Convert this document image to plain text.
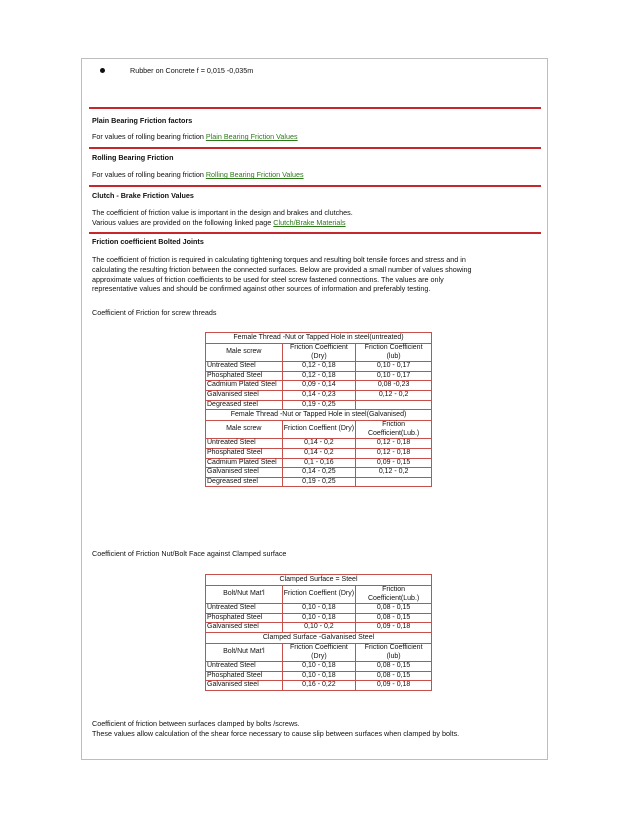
Rubber on Concrete f = 0,015 -0,035m
Plain Bearing Friction factors
For values of rolling bearing friction Plain Bearing Friction Values
Rolling Bearing Friction
For values of rolling bearing friction Rolling Bearing Friction Values
Clutch - Brake Friction Values
The coefficient of friction value is important in the design and brakes and clutches.
Various values are provided on the following linked page Clutch/Brake Materials
Friction coefficient Bolted Joints
The coefficient of friction is required in calculating tightening torques and resulting bolt tensile forces and stress and in
calculating the resulting friction between the connected surfaces. Below are provided a small number of values showing
approximate values of friction coefficients to be used for steel screw fastened connections. The values are only
representative values and should be confirmed against other sources of information and preferably testing.
Coefficient of Friction for screw threads
Female Thread -Nut or Tapped Hole in steel(untreated)		
Male screw	Friction Coefficient (Dry)	Friction Coefficient (lub)
Untreated Steel	0,12 - 0,18	0,10 - 0,17
Phosphated Steel	0,12 - 0,18	0,10 - 0,17
Cadmium Plated Steel	0,09 - 0,14	0,08 -0,23
Galvanised steel	0,14 - 0,23	0,12 - 0,2
Degreased steel	0,19 - 0,25	
Female Thread -Nut or Tapped Hole in steel(Galvanised)		
Male screw	Friction Coeffient (Dry)	Friction Coefficient(Lub.)
Untreated Steel	0,14 - 0,2	0,12 - 0,18
Phosphated Steel	0,14 - 0,2	0,12 - 0,18
Cadmium Plated Steel	0,1 - 0,16	0,09 - 0,15
Galvanised steel	0,14 - 0,25	0,12 - 0,2
Degreased steel	0,19 - 0,25	
Coefficient of Friction Nut/Bolt Face against Clamped surface
Clamped Surface = Steel		
Bolt/Nut Mat'l	Friction Coeffient (Dry)	Friction Coefficient(Lub.)
Untreated Steel	0,10 - 0,18	0,08 - 0,15
Phosphated Steel	0,10 - 0,18	0,08 - 0,15
Galvanised steel	0,10 - 0,2	0,09 - 0,18
Clamped Surface -Galvanised Steel		
Bolt/Nut Mat'l	Friction Coefficient (Dry)	Friction Coefficient (lub)
Untreated Steel	0,10 - 0,18	0,08 - 0,15
Phosphated Steel	0,10 - 0,18	0,08 - 0,15
Galvanised steel	0,16 - 0,22	0,09 - 0,18
Coefficient of friction between surfaces clamped by bolts /screws.
These values allow calculation of the shear force necessary to cause slip between surfaces when clamped by bolts.
